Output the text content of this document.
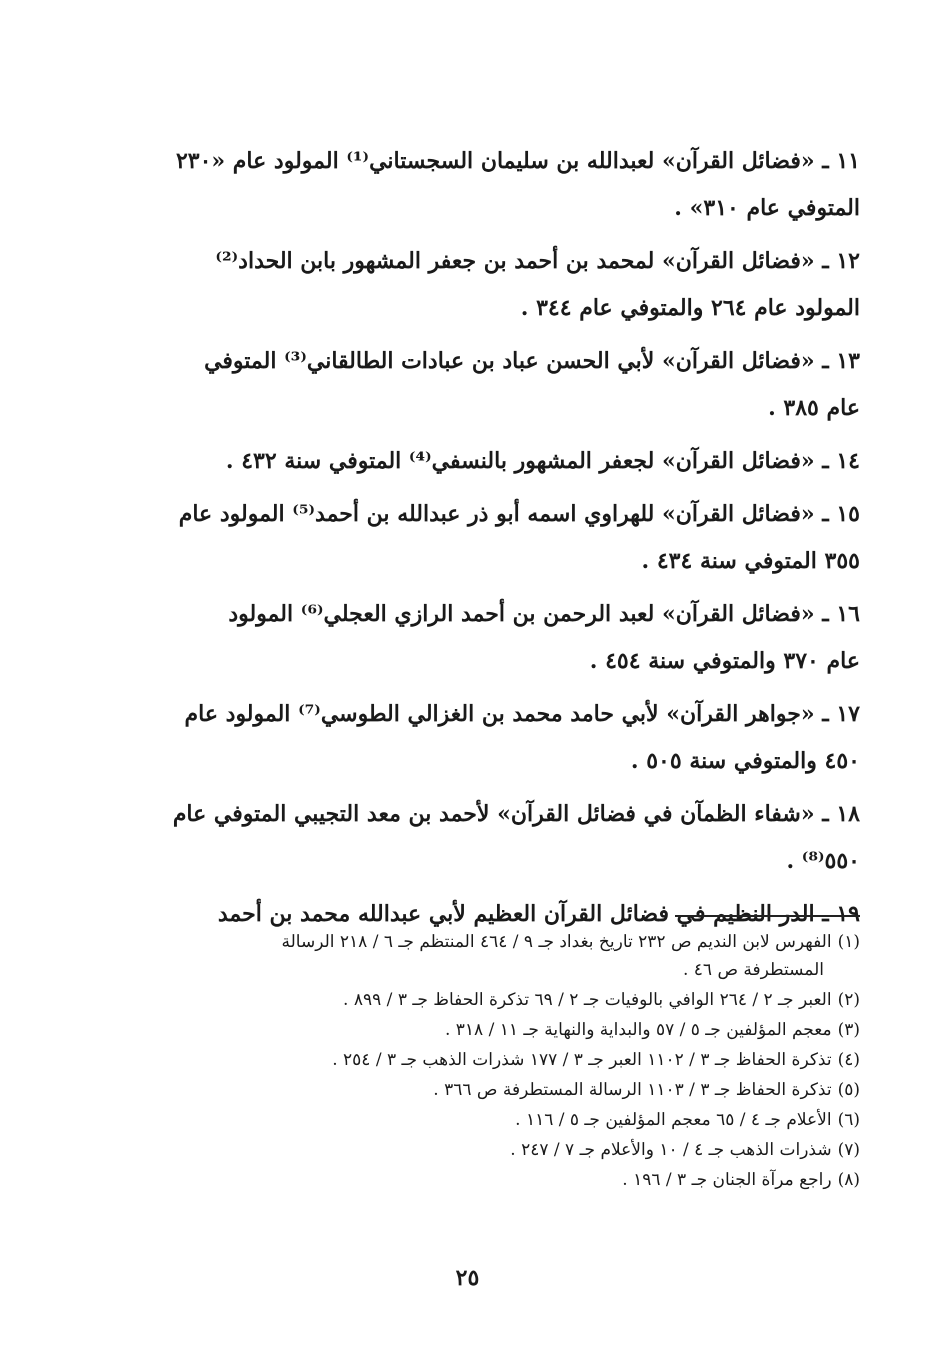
١١ ـ «فضائل القرآن» لعبدالله بن سليمان السجستاني⁽¹⁾ المولود عام «٢٣٠
المتوفي عام ٣١٠» .

١٢ ـ «فضائل القرآن» لمحمد بن أحمد بن جعفر المشهور بابن الحداد⁽²⁾
المولود عام ٢٦٤ والمتوفي عام ٣٤٤ .

١٣ ـ «فضائل القرآن» لأبي الحسن عباد بن عبادات الطالقاني⁽³⁾ المتوفي
عام ٣٨٥ .

١٤ ـ «فضائل القرآن» لجعفر المشهور بالنسفي⁽⁴⁾ المتوفي سنة ٤٣٢ .

١٥ ـ «فضائل القرآن» للهراوي اسمه أبو ذر عبدالله بن أحمد⁽⁵⁾ المولود عام
٣٥٥ المتوفي سنة ٤٣٤ .

١٦ ـ «فضائل القرآن» لعبد الرحمن بن أحمد الرازي العجلي⁽⁶⁾ المولود
عام ٣٧٠ والمتوفي سنة ٤٥٤ .

١٧ ـ «جواهر القرآن» لأبي حامد محمد بن الغزالي الطوسي⁽⁷⁾ المولود عام
٤٥٠ والمتوفي سنة ٥٠٥ .

١٨ ـ «شفاء الظمآن في فضائل القرآن» لأحمد بن معد التجيبي المتوفي عام
٥٥٠⁽⁸⁾ .

١٩ ـ الدر النظيم في فضائل القرآن العظيم لأبي عبدالله محمد بن أحمد

(١)الفهرس لابن النديم ص ٢٣٢ تاريخ بغداد جـ ٩ / ٤٦٤ المنتظم جـ ٦ / ٢١٨ الرسالة
المستطرفة ص ٤٦ .

(٢)العبر جـ ٢ / ٢٦٤ الوافي بالوفيات جـ ٢ / ٦٩ تذكرة الحفاظ جـ ٣ / ٨٩٩ .

(٣)معجم المؤلفين جـ ٥ / ٥٧ والبداية والنهاية جـ ١١ / ٣١٨ .

(٤)تذكرة الحفاظ جـ ٣ / ١١٠٢ العبر جـ ٣ / ١٧٧ شذرات الذهب جـ ٣ / ٢٥٤ .

(٥)تذكرة الحفاظ جـ ٣ / ١١٠٣ الرسالة المستطرفة ص ٣٦٦ .

(٦)الأعلام جـ ٤ / ٦٥ معجم المؤلفين جـ ٥ / ١١٦ .

(٧)شذرات الذهب جـ ٤ / ١٠ والأعلام جـ ٧ / ٢٤٧ .

(٨)راجع مرآة الجنان جـ ٣ / ١٩٦ .

٢٥
